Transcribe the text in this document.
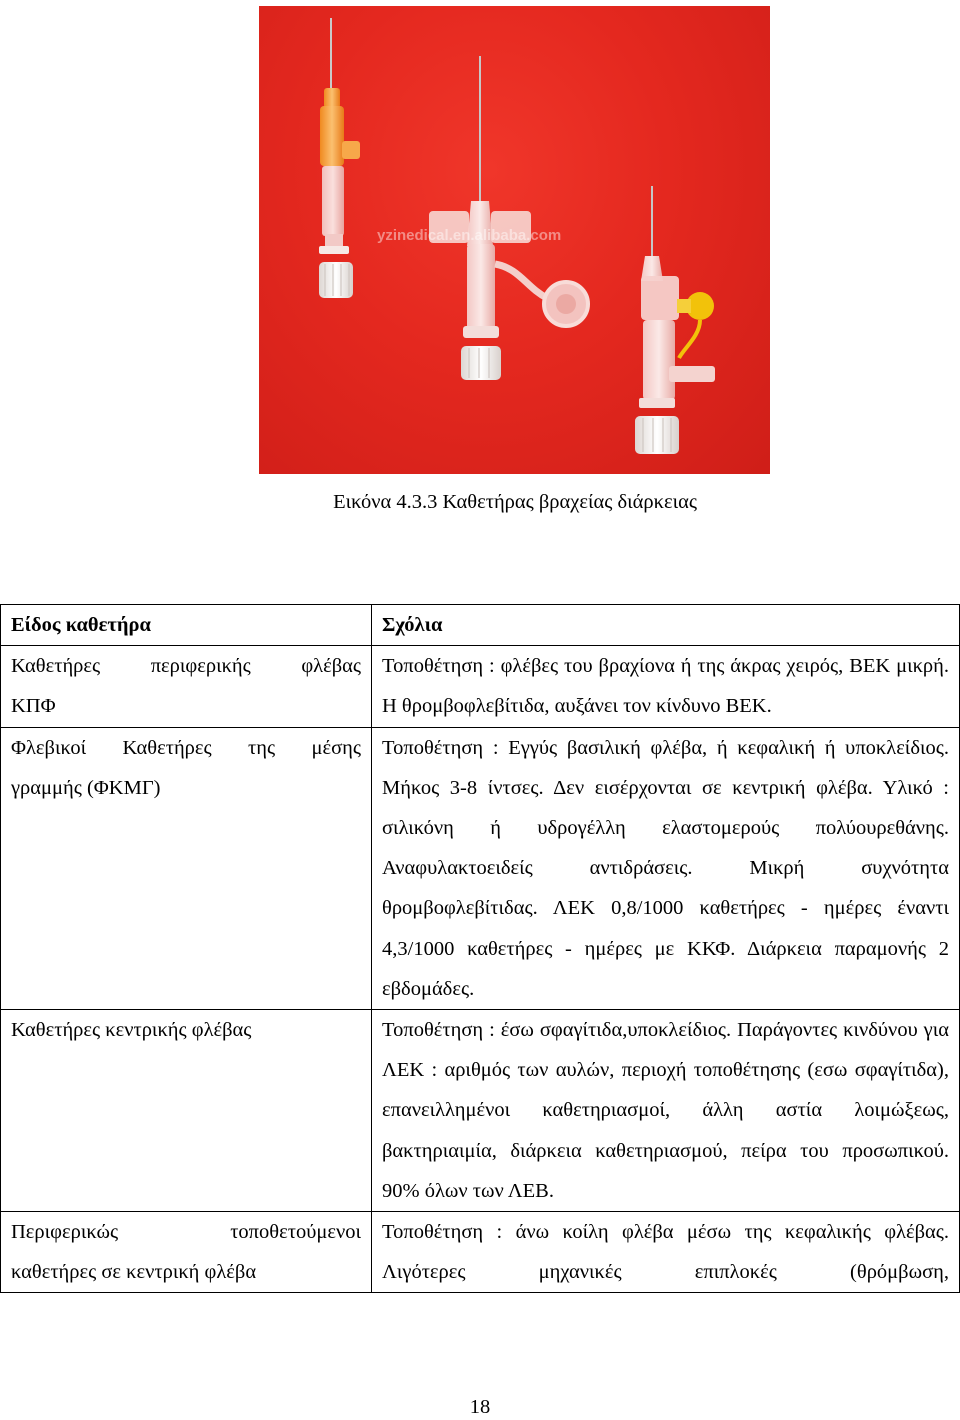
yzinedical.en.alibaba.com
Εικόνα 4.3.3 Καθετήρας βραχείας διάρκειας
Είδος καθετήρα	Σχόλια

Καθετήρες περιφερικής φλέβας
ΚΠΦ	Τοποθέτηση : φλέβες του βραχίονα ή της άκρας χειρός, ΒΕΚ μικρή. Η θρομβοφλεβίτιδα, αυξάνει τον κίνδυνο ΒΕΚ.

Φλεβικοί Καθετήρες της μέσης
γραμμής (ΦΚΜΓ)	Τοποθέτηση : Εγγύς βασιλική φλέβα, ή κεφαλική ή υποκλείδιος. Μήκος 3-8 ίντσες. Δεν εισέρχονται σε κεντρική φλέβα. Υλικό : σιλικόνη ή υδρογέλλη ελαστομερούς πολύουρεθάνης. Αναφυλακτοειδείς αντιδράσεις. Μικρή συχνότητα θρομβοφλεβίτιδας. ΛΕΚ 0,8/1000 καθετήρες - ημέρες έναντι 4,3/1000 καθετήρες - ημέρες με ΚΚΦ. Διάρκεια παραμονής 2 εβδομάδες.

Καθετήρες κεντρικής φλέβας	Τοποθέτηση : έσω σφαγίτιδα,υποκλείδιος. Παράγοντες κινδύνου για ΛΕΚ : αριθμός των αυλών, περιοχή τοποθέτησης (εσω σφαγίτιδα), επανειλλημένοι καθετηριασμοί, άλλη αστία λοιμώξεως, βακτηριαιμία, διάρκεια καθετηριασμού, πείρα του προσωπικού. 90% όλων των ΛΕΒ.

Περιφερικώς τοποθετούμενοι
καθετήρες σε κεντρική φλέβα	Τοποθέτηση : άνω κοίλη φλέβα μέσω της κεφαλικής φλέβας. Λιγότερες μηχανικές επιπλοκές (θρόμβωση,
18
